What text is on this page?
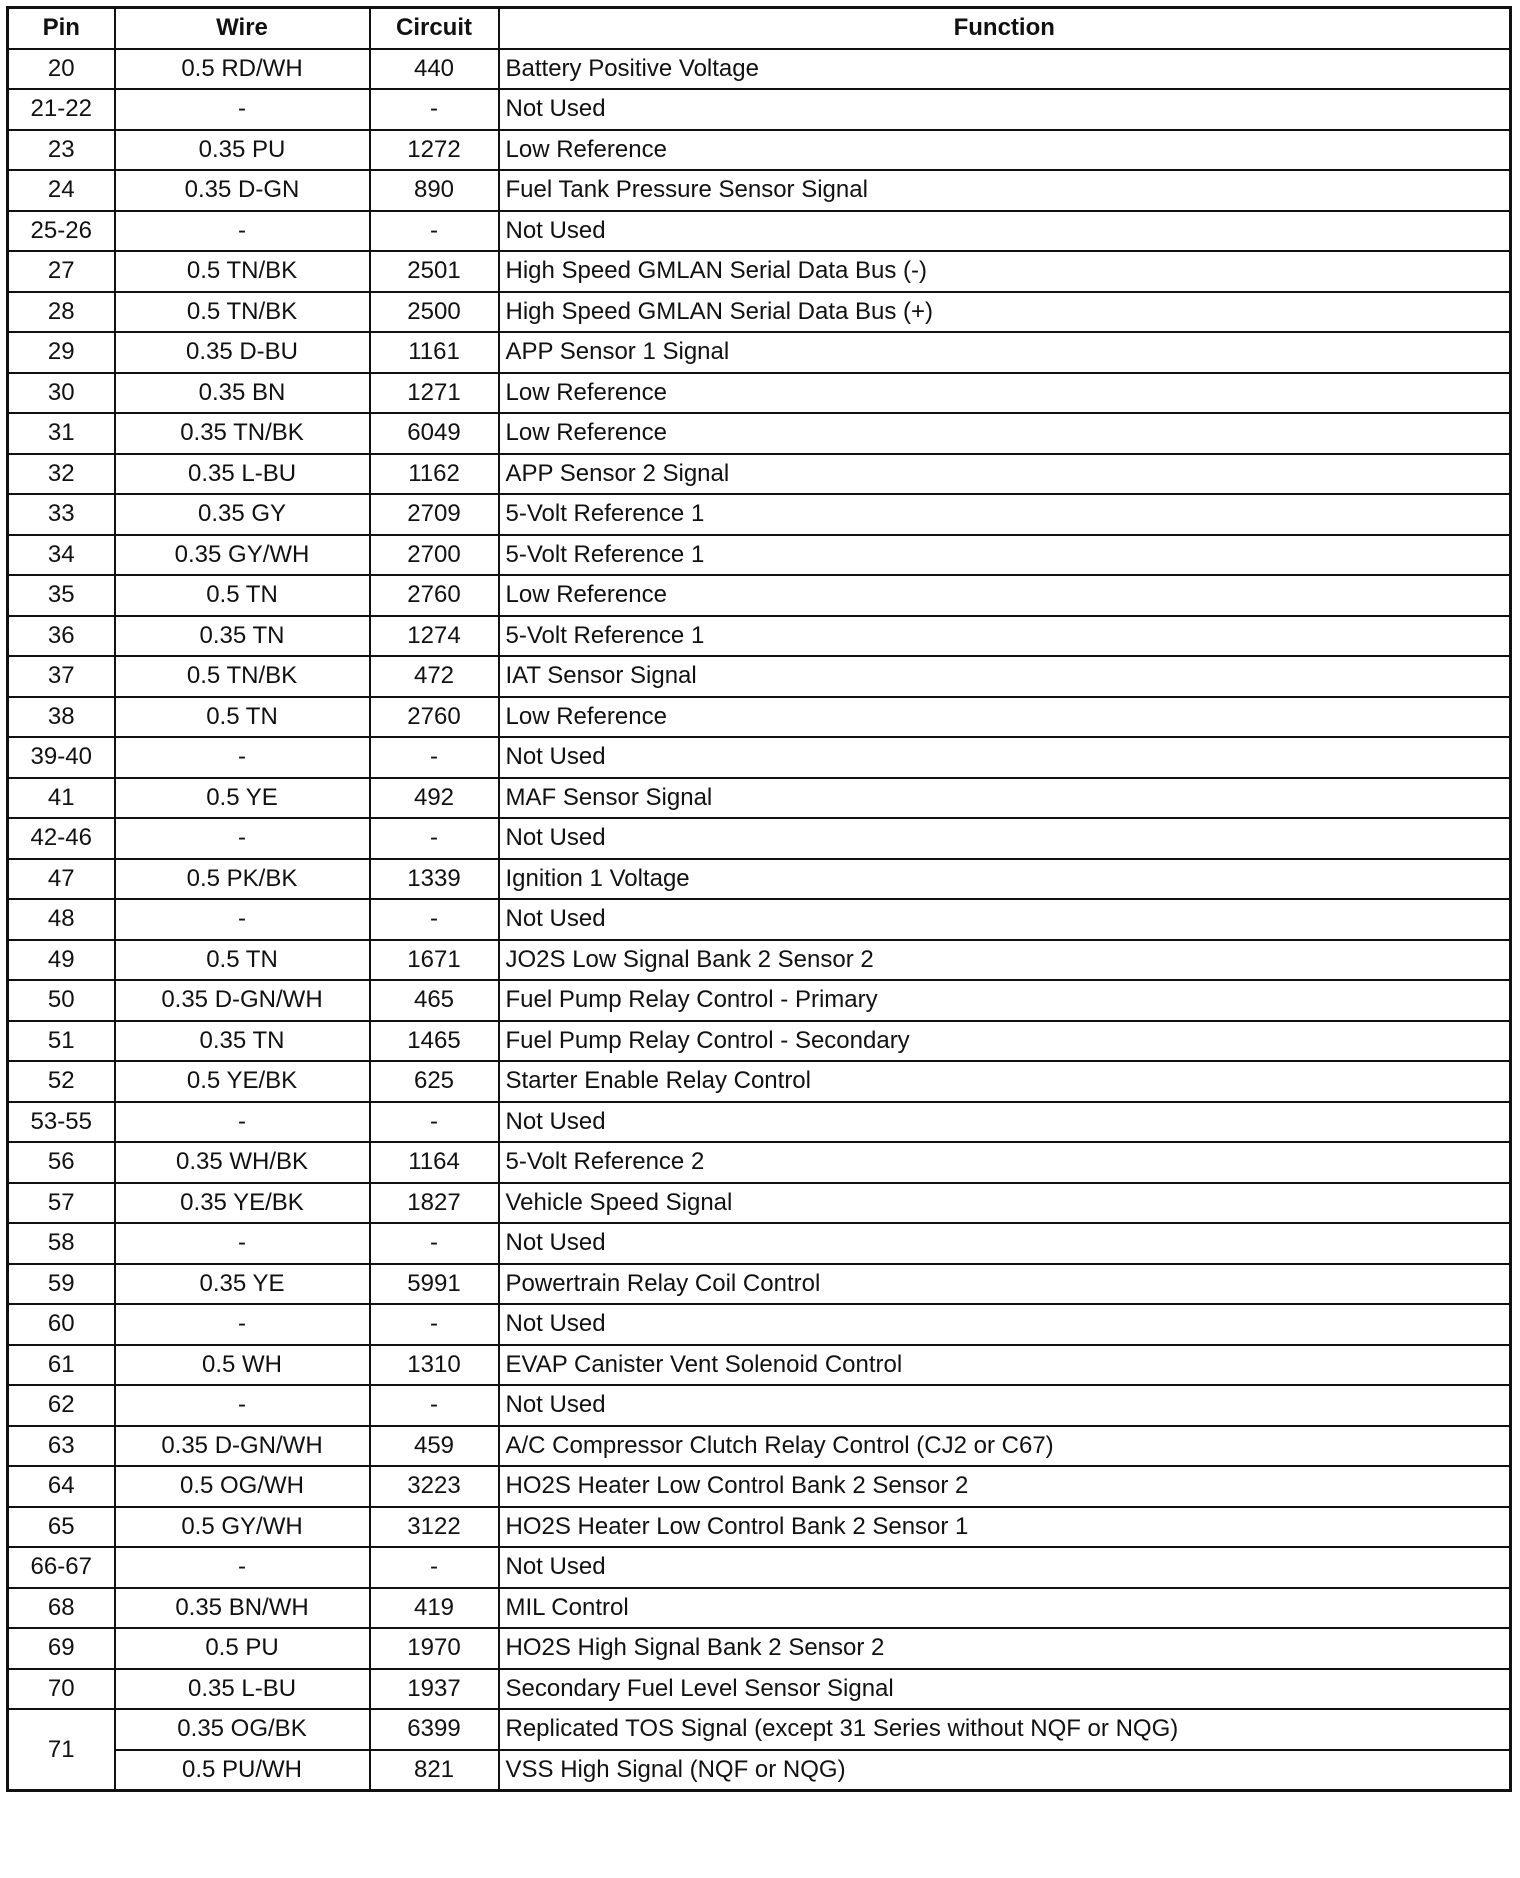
Pin	Wire	Circuit	Function
20	0.5 RD/WH	440	Battery Positive Voltage
21-22	-	-	Not Used
23	0.35 PU	1272	Low Reference
24	0.35 D-GN	890	Fuel Tank Pressure Sensor Signal
25-26	-	-	Not Used
27	0.5 TN/BK	2501	High Speed GMLAN Serial Data Bus (-)
28	0.5 TN/BK	2500	High Speed GMLAN Serial Data Bus (+)
29	0.35 D-BU	1161	APP Sensor 1 Signal
30	0.35 BN	1271	Low Reference
31	0.35 TN/BK	6049	Low Reference
32	0.35 L-BU	1162	APP Sensor 2 Signal
33	0.35 GY	2709	5-Volt Reference 1
34	0.35 GY/WH	2700	5-Volt Reference 1
35	0.5 TN	2760	Low Reference
36	0.35 TN	1274	5-Volt Reference 1
37	0.5 TN/BK	472	IAT Sensor Signal
38	0.5 TN	2760	Low Reference
39-40	-	-	Not Used
41	0.5 YE	492	MAF Sensor Signal
42-46	-	-	Not Used
47	0.5 PK/BK	1339	Ignition 1 Voltage
48	-	-	Not Used
49	0.5 TN	1671	JO2S Low Signal Bank 2 Sensor 2
50	0.35 D-GN/WH	465	Fuel Pump Relay Control - Primary
51	0.35 TN	1465	Fuel Pump Relay Control - Secondary
52	0.5 YE/BK	625	Starter Enable Relay Control
53-55	-	-	Not Used
56	0.35 WH/BK	1164	5-Volt Reference 2
57	0.35 YE/BK	1827	Vehicle Speed Signal
58	-	-	Not Used
59	0.35 YE	5991	Powertrain Relay Coil Control
60	-	-	Not Used
61	0.5 WH	1310	EVAP Canister Vent Solenoid Control
62	-	-	Not Used
63	0.35 D-GN/WH	459	A/C Compressor Clutch Relay Control (CJ2 or C67)
64	0.5 OG/WH	3223	HO2S Heater Low Control Bank 2 Sensor 2
65	0.5 GY/WH	3122	HO2S Heater Low Control Bank 2 Sensor 1
66-67	-	-	Not Used
68	0.35 BN/WH	419	MIL Control
69	0.5 PU	1970	HO2S High Signal Bank 2 Sensor 2
70	0.35 L-BU	1937	Secondary Fuel Level Sensor Signal
71	0.35 OG/BK	6399	Replicated TOS Signal (except 31 Series without NQF or NQG)
	0.5 PU/WH	821	VSS High Signal (NQF or NQG)
